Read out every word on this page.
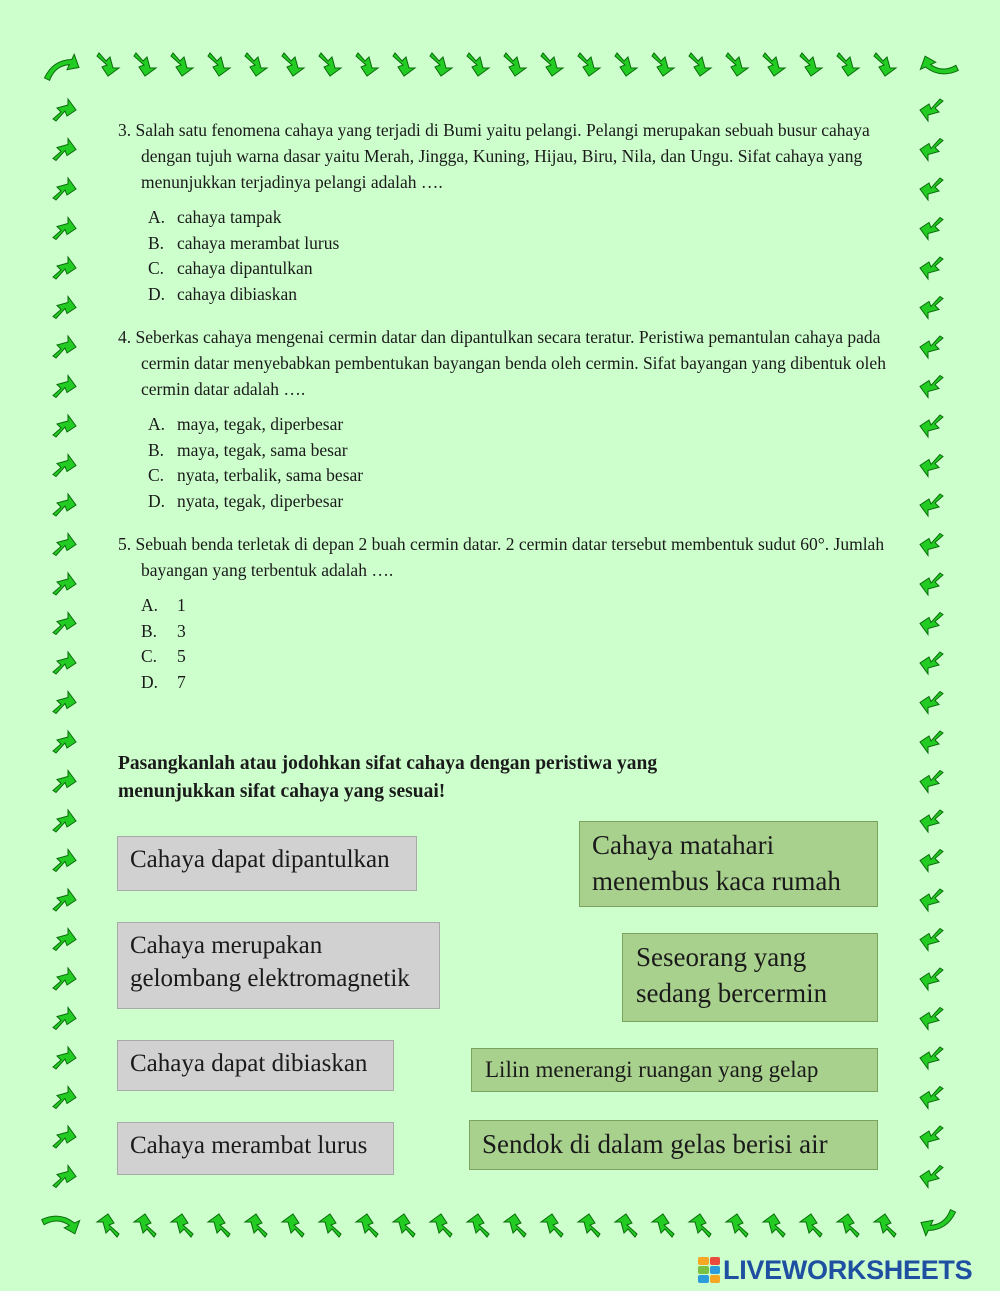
3. Salah satu fenomena cahaya yang terjadi di Bumi yaitu pelangi. Pelangi merupakan sebuah busur cahaya dengan tujuh warna dasar yaitu Merah, Jingga, Kuning, Hijau, Biru, Nila, dan Ungu. Sifat cahaya yang menunjukkan terjadinya pelangi adalah ….
A. cahaya tampak
B. cahaya merambat lurus
C. cahaya dipantulkan
D. cahaya dibiaskan
4. Seberkas cahaya mengenai cermin datar dan dipantulkan secara teratur. Peristiwa pemantulan cahaya pada cermin datar menyebabkan pembentukan bayangan benda oleh cermin. Sifat bayangan yang dibentuk oleh cermin datar adalah ….
A. maya, tegak, diperbesar
B. maya, tegak, sama besar
C. nyata, terbalik, sama besar
D. nyata, tegak, diperbesar
5. Sebuah benda terletak di depan 2 buah cermin datar. 2 cermin datar tersebut membentuk sudut 60°. Jumlah bayangan yang terbentuk adalah ….
A. 1
B. 3
C. 5
D. 7
Pasangkanlah atau jodohkan sifat cahaya dengan peristiwa yang
menunjukkan sifat cahaya yang sesuai!
Cahaya dapat dipantulkan
Cahaya merupakan
gelombang elektromagnetik
Cahaya dapat dibiaskan
Cahaya merambat lurus
Cahaya matahari
menembus kaca rumah
Seseorang yang
sedang bercermin
Lilin menerangi ruangan yang gelap
Sendok di dalam gelas berisi air
LIVEWORKSHEETS
